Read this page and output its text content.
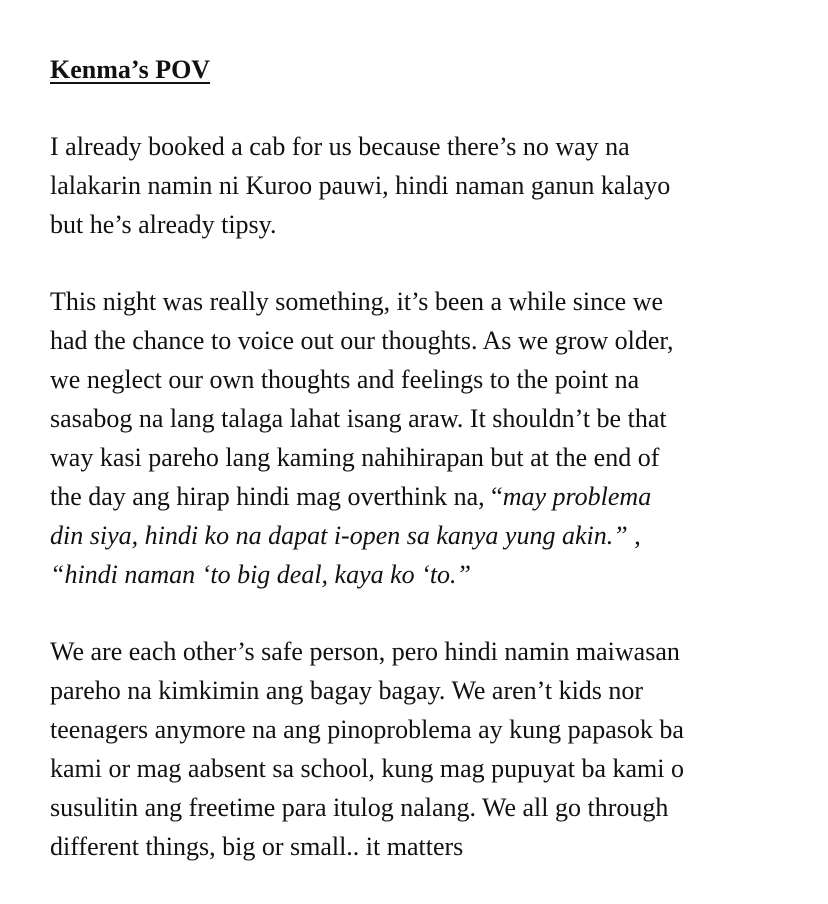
Kenma’s POV
I already booked a cab for us because there’s no way na
lalakarin namin ni Kuroo pauwi, hindi naman ganun kalayo
but he’s already tipsy.
This night was really something, it’s been a while since we
had the chance to voice out our thoughts. As we grow older,
we neglect our own thoughts and feelings to the point na
sasabog na lang talaga lahat isang araw. It shouldn’t be that
way kasi pareho lang kaming nahihirapan but at the end of
the day ang hirap hindi mag overthink na, “may problema
din siya, hindi ko na dapat i-open sa kanya yung akin.” ,
“hindi naman ‘to big deal, kaya ko ‘to.”
We are each other’s safe person, pero hindi namin maiwasan
pareho na kimkimin ang bagay bagay. We aren’t kids nor
teenagers anymore na ang pinoproblema ay kung papasok ba
kami or mag aabsent sa school, kung mag pupuyat ba kami o
susulitin ang freetime para itulog nalang. We all go through
different things, big or small.. it matters
